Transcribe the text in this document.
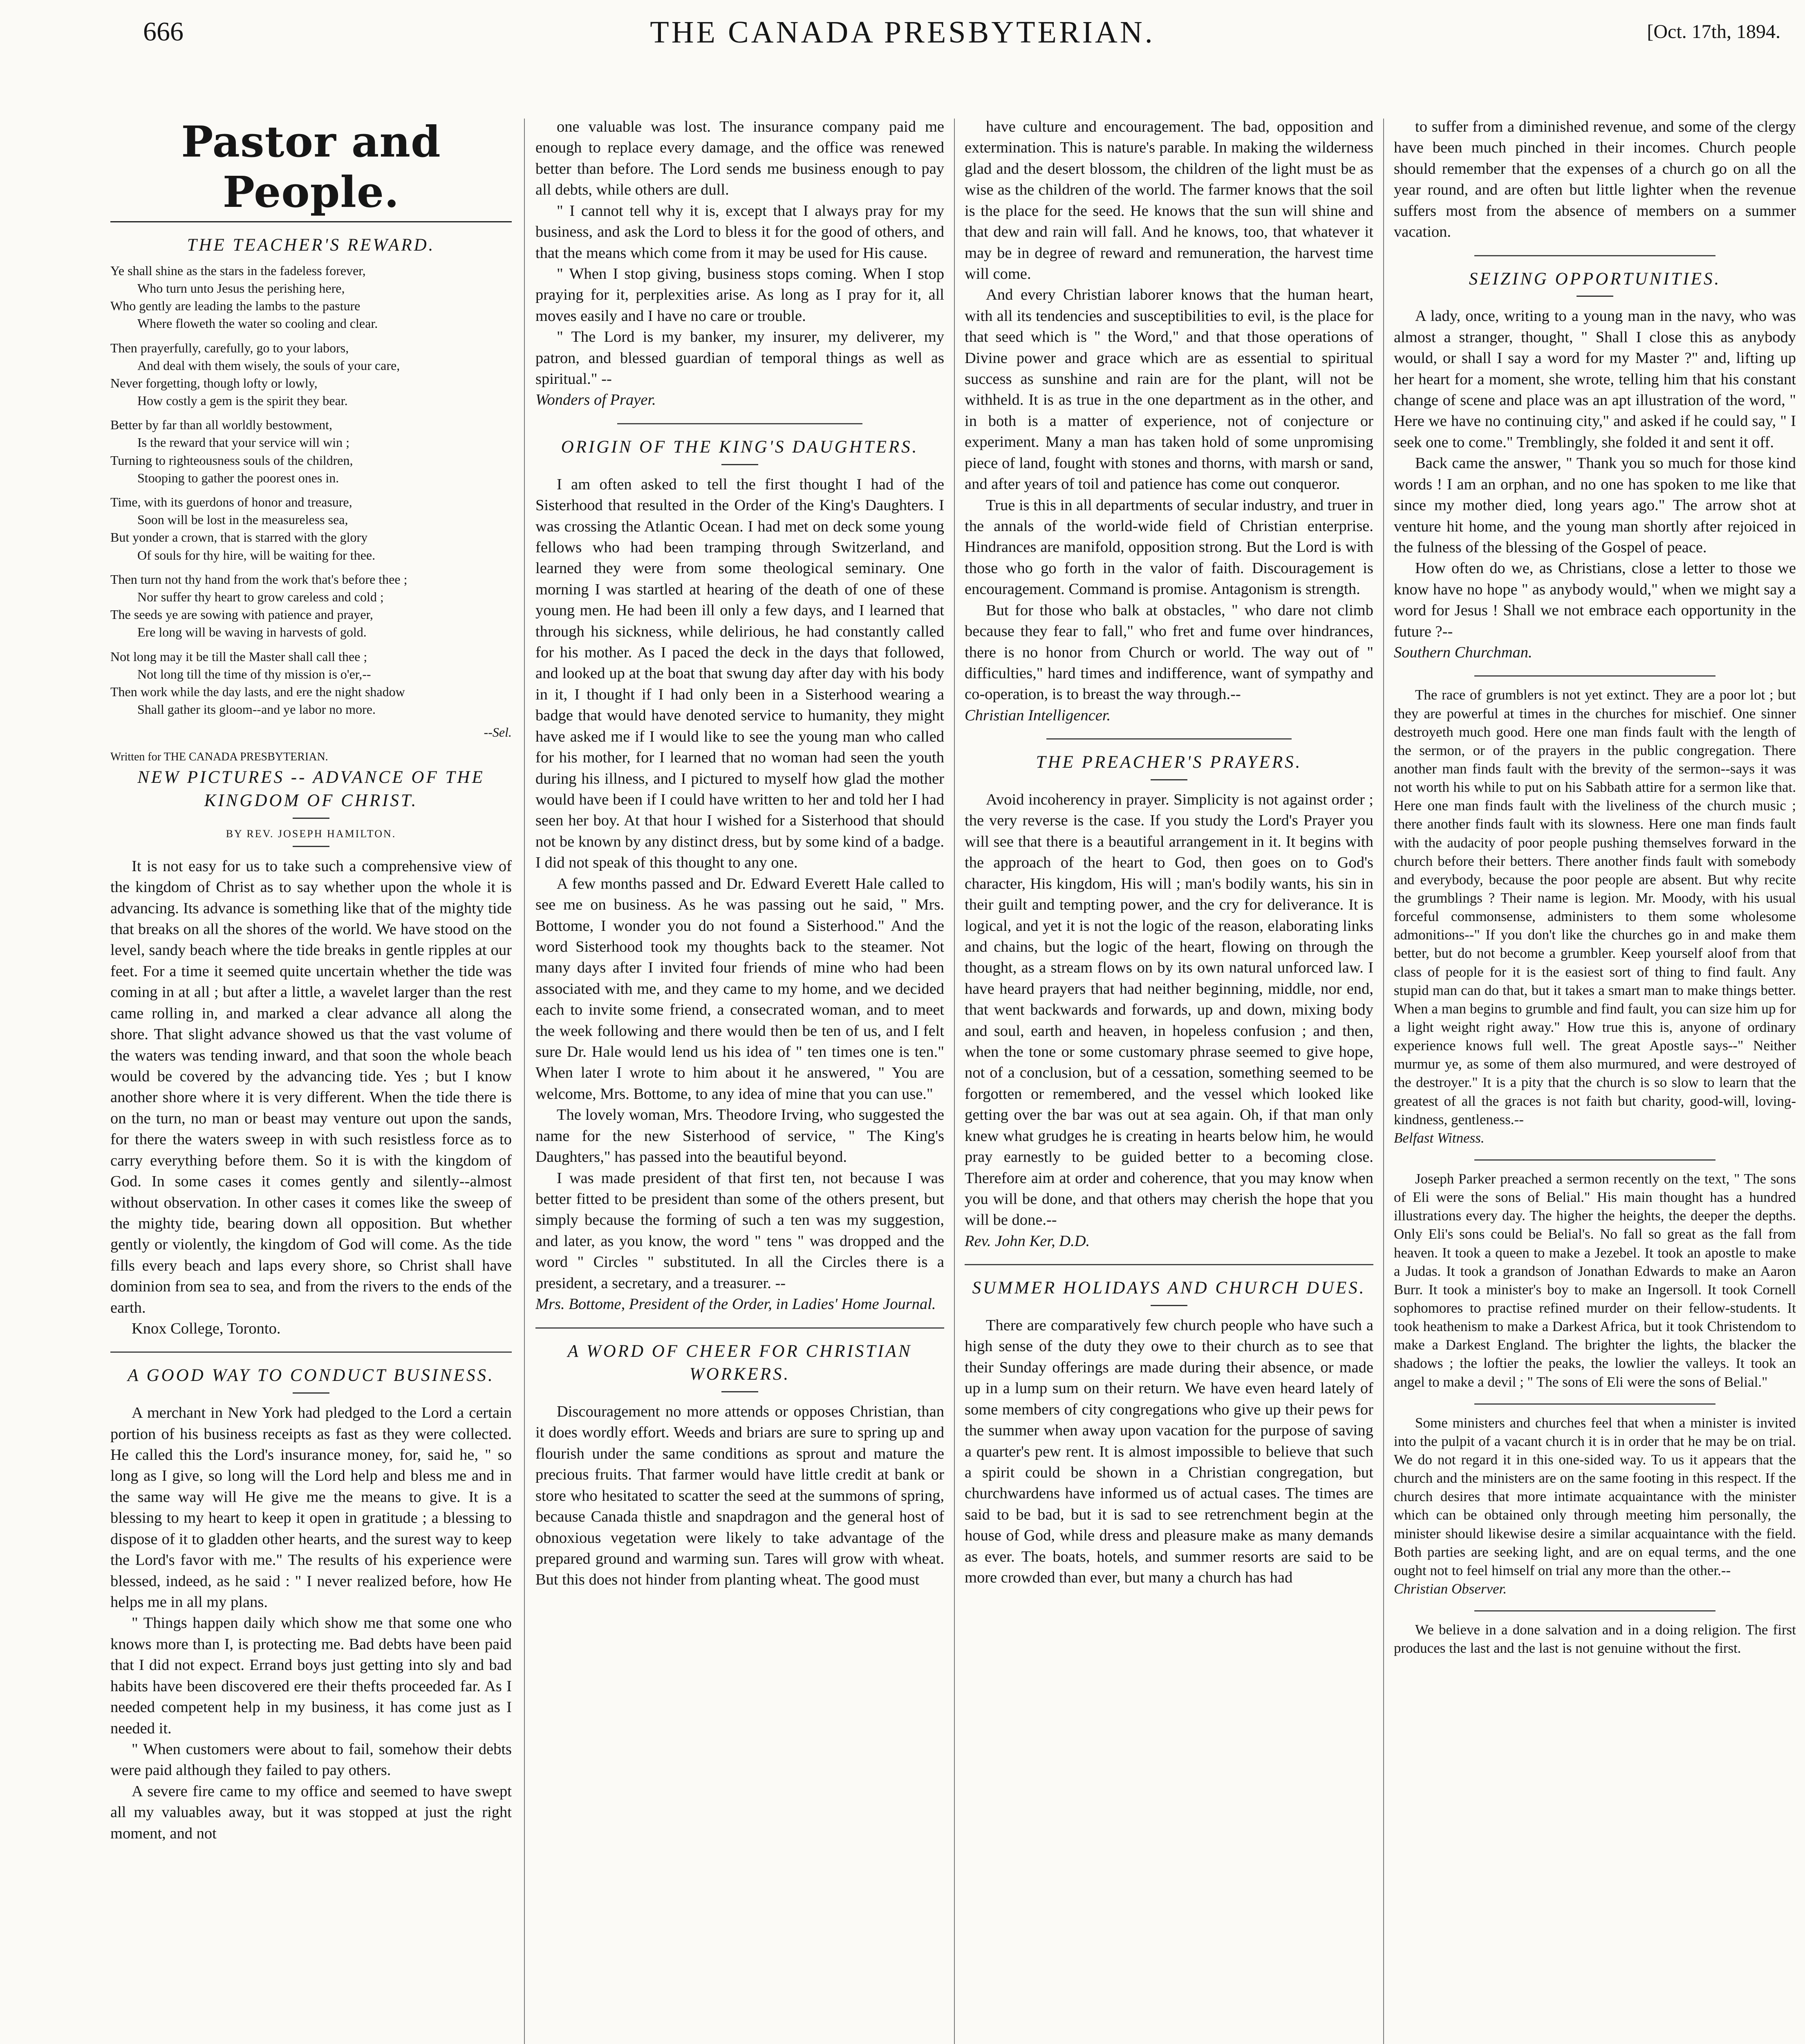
666	THE CANADA PRESBYTERIAN.	[Oct. 17th, 1894.
Pastor and People.
THE TEACHER'S REWARD.
Ye shall shine as the stars in the fadeless forever,
Who turn unto Jesus the perishing here,
Who gently are leading the lambs to the pasture
Where floweth the water so cooling and clear.
Then prayerfully, carefully, go to your labors,
And deal with them wisely, the souls of your care,
Never forgetting, though lofty or lowly,
How costly a gem is the spirit they bear.
Better by far than all worldly bestowment,
Is the reward that your service will win ;
Turning to righteousness souls of the children,
Stooping to gather the poorest ones in.
Time, with its guerdons of honor and treasure,
Soon will be lost in the measureless sea,
But yonder a crown, that is starred with the glory
Of souls for thy hire, will be waiting for thee.
Then turn not thy hand from the work that's before thee ;
Nor suffer thy heart to grow careless and cold ;
The seeds ye are sowing with patience and prayer,
Ere long will be waving in harvests of gold.
Not long may it be till the Master shall call thee ;
Not long till the time of thy mission is o'er,--
Then work while the day lasts, and ere the night shadow
Shall gather its gloom--and ye labor no more.
--Sel.
Written for THE CANADA PRESBYTERIAN.
NEW PICTURES -- ADVANCE OF THE KINGDOM OF CHRIST.
BY REV. JOSEPH HAMILTON.

It is not easy for us to take such a comprehensive view of the kingdom of Christ as to say whether upon the whole it is advancing. Its advance is something like that of the mighty tide that breaks on all the shores of the world. We have stood on the level, sandy beach where the tide breaks in gentle ripples at our feet. For a time it seemed quite uncertain whether the tide was coming in at all ; but after a little, a wavelet larger than the rest came rolling in, and marked a clear advance all along the shore. That slight advance showed us that the vast volume of the waters was tending inward, and that soon the whole beach would be covered by the advancing tide. Yes ; but I know another shore where it is very different. When the tide there is on the turn, no man or beast may venture out upon the sands, for there the waters sweep in with such resistless force as to carry everything before them. So it is with the kingdom of God. In some cases it comes gently and silently--almost without observation. In other cases it comes like the sweep of the mighty tide, bearing down all opposition. But whether gently or violently, the kingdom of God will come. As the tide fills every beach and laps every shore, so Christ shall have dominion from sea to sea, and from the rivers to the ends of the earth.

Knox College, Toronto.

A GOOD WAY TO CONDUCT BUSINESS.

A merchant in New York had pledged to the Lord a certain portion of his business receipts as fast as they were collected. He called this the Lord's insurance money, for, said he, " so long as I give, so long will the Lord help and bless me and in the same way will He give me the means to give. It is a blessing to my heart to keep it open in gratitude ; a blessing to dispose of it to gladden other hearts, and the surest way to keep the Lord's favor with me." The results of his experience were blessed, indeed, as he said : " I never realized before, how He helps me in all my plans.

" Things happen daily which show me that some one who knows more than I, is protecting me. Bad debts have been paid that I did not expect. Errand boys just getting into sly and bad habits have been discovered ere their thefts proceeded far. As I needed competent help in my business, it has come just as I needed it.

" When customers were about to fail, somehow their debts were paid although they failed to pay others.

A severe fire came to my office and seemed to have swept all my valuables away, but it was stopped at just the right moment, and not

one valuable was lost. The insurance company paid me enough to replace every damage, and the office was renewed better than before. The Lord sends me business enough to pay all debts, while others are dull.

" I cannot tell why it is, except that I always pray for my business, and ask the Lord to bless it for the good of others, and that the means which come from it may be used for His cause.

" When I stop giving, business stops coming. When I stop praying for it, perplexities arise. As long as I pray for it, all moves easily and I have no care or trouble.

" The Lord is my banker, my insurer, my deliverer, my patron, and blessed guardian of temporal things as well as spiritual." --

Wonders of Prayer.

ORIGIN OF THE KING'S DAUGHTERS.

I am often asked to tell the first thought I had of the Sisterhood that resulted in the Order of the King's Daughters. I was crossing the Atlantic Ocean. I had met on deck some young fellows who had been tramping through Switzerland, and learned they were from some theological seminary. One morning I was startled at hearing of the death of one of these young men. He had been ill only a few days, and I learned that through his sickness, while delirious, he had constantly called for his mother. As I paced the deck in the days that followed, and looked up at the boat that swung day after day with his body in it, I thought if I had only been in a Sisterhood wearing a badge that would have denoted service to humanity, they might have asked me if I would like to see the young man who called for his mother, for I learned that no woman had seen the youth during his illness, and I pictured to myself how glad the mother would have been if I could have written to her and told her I had seen her boy. At that hour I wished for a Sisterhood that should not be known by any distinct dress, but by some kind of a badge. I did not speak of this thought to any one.

A few months passed and Dr. Edward Everett Hale called to see me on business. As he was passing out he said, " Mrs. Bottome, I wonder you do not found a Sisterhood." And the word Sisterhood took my thoughts back to the steamer. Not many days after I invited four friends of mine who had been associated with me, and they came to my home, and we decided each to invite some friend, a consecrated woman, and to meet the week following and there would then be ten of us, and I felt sure Dr. Hale would lend us his idea of " ten times one is ten." When later I wrote to him about it he answered, " You are welcome, Mrs. Bottome, to any idea of mine that you can use."

The lovely woman, Mrs. Theodore Irving, who suggested the name for the new Sisterhood of service, " The King's Daughters," has passed into the beautiful beyond.

I was made president of that first ten, not because I was better fitted to be president than some of the others present, but simply because the forming of such a ten was my suggestion, and later, as you know, the word " tens " was dropped and the word " Circles " substituted. In all the Circles there is a president, a secretary, and a treasurer. --

Mrs. Bottome, President of the Order, in Ladies' Home Journal.

A WORD OF CHEER FOR CHRISTIAN WORKERS.

Discouragement no more attends or opposes Christian, than it does wordly effort. Weeds and briars are sure to spring up and flourish under the same conditions as sprout and mature the precious fruits. That farmer would have little credit at bank or store who hesitated to scatter the seed at the summons of spring, because Canada thistle and snapdragon and the general host of obnoxious vegetation were likely to take advantage of the prepared ground and warming sun. Tares will grow with wheat. But this does not hinder from planting wheat. The good must

have culture and encouragement. The bad, opposition and extermination. This is nature's parable. In making the wilderness glad and the desert blossom, the children of the light must be as wise as the children of the world. The farmer knows that the soil is the place for the seed. He knows that the sun will shine and that dew and rain will fall. And he knows, too, that whatever it may be in degree of reward and remuneration, the harvest time will come.

And every Christian laborer knows that the human heart, with all its tendencies and susceptibilities to evil, is the place for that seed which is " the Word," and that those operations of Divine power and grace which are as essential to spiritual success as sunshine and rain are for the plant, will not be withheld. It is as true in the one department as in the other, and in both is a matter of experience, not of conjecture or experiment. Many a man has taken hold of some unpromising piece of land, fought with stones and thorns, with marsh or sand, and after years of toil and patience has come out conqueror.

True is this in all departments of secular industry, and truer in the annals of the world-wide field of Christian enterprise. Hindrances are manifold, opposition strong. But the Lord is with those who go forth in the valor of faith. Discouragement is encouragement. Command is promise. Antagonism is strength.

But for those who balk at obstacles, " who dare not climb because they fear to fall," who fret and fume over hindrances, there is no honor from Church or world. The way out of " difficulties," hard times and indifference, want of sympathy and co-operation, is to breast the way through.--

Christian Intelligencer.

THE PREACHER'S PRAYERS.

Avoid incoherency in prayer. Simplicity is not against order ; the very reverse is the case. If you study the Lord's Prayer you will see that there is a beautiful arrangement in it. It begins with the approach of the heart to God, then goes on to God's character, His kingdom, His will ; man's bodily wants, his sin in their guilt and tempting power, and the cry for deliverance. It is logical, and yet it is not the logic of the reason, elaborating links and chains, but the logic of the heart, flowing on through the thought, as a stream flows on by its own natural unforced law. I have heard prayers that had neither beginning, middle, nor end, that went backwards and forwards, up and down, mixing body and soul, earth and heaven, in hopeless confusion ; and then, when the tone or some customary phrase seemed to give hope, not of a conclusion, but of a cessation, something seemed to be forgotten or remembered, and the vessel which looked like getting over the bar was out at sea again. Oh, if that man only knew what grudges he is creating in hearts below him, he would pray earnestly to be guided better to a becoming close. Therefore aim at order and coherence, that you may know when you will be done, and that others may cherish the hope that you will be done.--

Rev. John Ker, D.D.

SUMMER HOLIDAYS AND CHURCH DUES.

There are comparatively few church people who have such a high sense of the duty they owe to their church as to see that their Sunday offerings are made during their absence, or made up in a lump sum on their return. We have even heard lately of some members of city congregations who give up their pews for the summer when away upon vacation for the purpose of saving a quarter's pew rent. It is almost impossible to believe that such a spirit could be shown in a Christian congregation, but churchwardens have informed us of actual cases. The times are said to be bad, but it is sad to see retrenchment begin at the house of God, while dress and pleasure make as many demands as ever. The boats, hotels, and summer resorts are said to be more crowded than ever, but many a church has had

to suffer from a diminished revenue, and some of the clergy have been much pinched in their incomes. Church people should remember that the expenses of a church go on all the year round, and are often but little lighter when the revenue suffers most from the absence of members on a summer vacation.

SEIZING OPPORTUNITIES.

A lady, once, writing to a young man in the navy, who was almost a stranger, thought, " Shall I close this as anybody would, or shall I say a word for my Master ?" and, lifting up her heart for a moment, she wrote, telling him that his constant change of scene and place was an apt illustration of the word, " Here we have no continuing city," and asked if he could say, " I seek one to come." Tremblingly, she folded it and sent it off.

Back came the answer, " Thank you so much for those kind words ! I am an orphan, and no one has spoken to me like that since my mother died, long years ago." The arrow shot at venture hit home, and the young man shortly after rejoiced in the fulness of the blessing of the Gospel of peace.

How often do we, as Christians, close a letter to those we know have no hope " as anybody would," when we might say a word for Jesus ! Shall we not embrace each opportunity in the future ?--

Southern Churchman.

The race of grumblers is not yet extinct. They are a poor lot ; but they are powerful at times in the churches for mischief. One sinner destroyeth much good. Here one man finds fault with the length of the sermon, or of the prayers in the public congregation. There another man finds fault with the brevity of the sermon--says it was not worth his while to put on his Sabbath attire for a sermon like that. Here one man finds fault with the liveliness of the church music ; there another finds fault with its slowness. Here one man finds fault with the audacity of poor people pushing themselves forward in the church before their betters. There another finds fault with somebody and everybody, because the poor people are absent. But why recite the grumblings ? Their name is legion. Mr. Moody, with his usual forceful commonsense, administers to them some wholesome admonitions--" If you don't like the churches go in and make them better, but do not become a grumbler. Keep yourself aloof from that class of people for it is the easiest sort of thing to find fault. Any stupid man can do that, but it takes a smart man to make things better. When a man begins to grumble and find fault, you can size him up for a light weight right away." How true this is, anyone of ordinary experience knows full well. The great Apostle says--" Neither murmur ye, as some of them also murmured, and were destroyed of the destroyer." It is a pity that the church is so slow to learn that the greatest of all the graces is not faith but charity, good-will, loving-kindness, gentleness.--

Belfast Witness.

Joseph Parker preached a sermon recently on the text, " The sons of Eli were the sons of Belial." His main thought has a hundred illustrations every day. The higher the heights, the deeper the depths. Only Eli's sons could be Belial's. No fall so great as the fall from heaven. It took a queen to make a Jezebel. It took an apostle to make a Judas. It took a grandson of Jonathan Edwards to make an Aaron Burr. It took a minister's boy to make an Ingersoll. It took Cornell sophomores to practise refined murder on their fellow-students. It took heathenism to make a Darkest Africa, but it took Christendom to make a Darkest England. The brighter the lights, the blacker the shadows ; the loftier the peaks, the lowlier the valleys. It took an angel to make a devil ; " The sons of Eli were the sons of Belial."

Some ministers and churches feel that when a minister is invited into the pulpit of a vacant church it is in order that he may be on trial. We do not regard it in this one-sided way. To us it appears that the church and the ministers are on the same footing in this respect. If the church desires that more intimate acquaintance with the minister which can be obtained only through meeting him personally, the minister should likewise desire a similar acquaintance with the field. Both parties are seeking light, and are on equal terms, and the one ought not to feel himself on trial any more than the other.--

Christian Observer.

We believe in a done salvation and in a doing religion. The first produces the last and the last is not genuine without the first.
